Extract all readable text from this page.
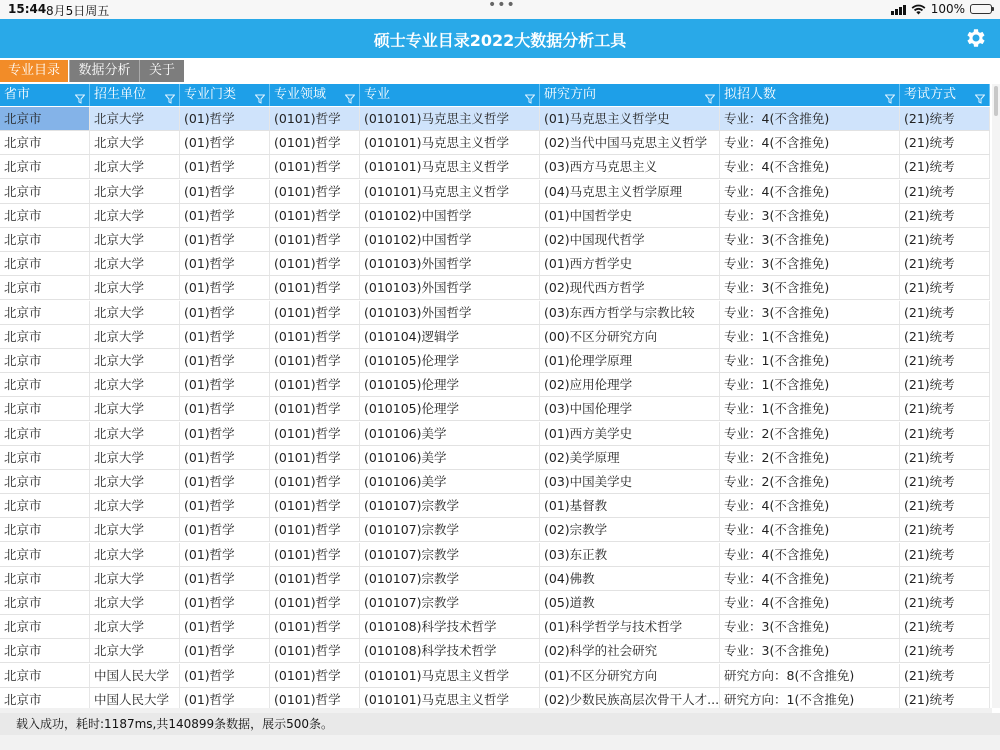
15:44 8月5日周五	•••	100%
硕士专业目录2022大数据分析工具
专业目录	数据分析	关于
省市	招生单位	专业门类	专业领域	专业	研究方向	拟招人数	考试方式
北京市	北京大学	(01)哲学	(0101)哲学	(010101)马克思主义哲学	(01)马克思主义哲学史	专业：4(不含推免)	(21)统考
北京市	北京大学	(01)哲学	(0101)哲学	(010101)马克思主义哲学	(02)当代中国马克思主义哲学	专业：4(不含推免)	(21)统考
北京市	北京大学	(01)哲学	(0101)哲学	(010101)马克思主义哲学	(03)西方马克思主义	专业：4(不含推免)	(21)统考
北京市	北京大学	(01)哲学	(0101)哲学	(010101)马克思主义哲学	(04)马克思主义哲学原理	专业：4(不含推免)	(21)统考
北京市	北京大学	(01)哲学	(0101)哲学	(010102)中国哲学	(01)中国哲学史	专业：3(不含推免)	(21)统考
北京市	北京大学	(01)哲学	(0101)哲学	(010102)中国哲学	(02)中国现代哲学	专业：3(不含推免)	(21)统考
北京市	北京大学	(01)哲学	(0101)哲学	(010103)外国哲学	(01)西方哲学史	专业：3(不含推免)	(21)统考
北京市	北京大学	(01)哲学	(0101)哲学	(010103)外国哲学	(02)现代西方哲学	专业：3(不含推免)	(21)统考
北京市	北京大学	(01)哲学	(0101)哲学	(010103)外国哲学	(03)东西方哲学与宗教比较	专业：3(不含推免)	(21)统考
北京市	北京大学	(01)哲学	(0101)哲学	(010104)逻辑学	(00)不区分研究方向	专业：1(不含推免)	(21)统考
北京市	北京大学	(01)哲学	(0101)哲学	(010105)伦理学	(01)伦理学原理	专业：1(不含推免)	(21)统考
北京市	北京大学	(01)哲学	(0101)哲学	(010105)伦理学	(02)应用伦理学	专业：1(不含推免)	(21)统考
北京市	北京大学	(01)哲学	(0101)哲学	(010105)伦理学	(03)中国伦理学	专业：1(不含推免)	(21)统考
北京市	北京大学	(01)哲学	(0101)哲学	(010106)美学	(01)西方美学史	专业：2(不含推免)	(21)统考
北京市	北京大学	(01)哲学	(0101)哲学	(010106)美学	(02)美学原理	专业：2(不含推免)	(21)统考
北京市	北京大学	(01)哲学	(0101)哲学	(010106)美学	(03)中国美学史	专业：2(不含推免)	(21)统考
北京市	北京大学	(01)哲学	(0101)哲学	(010107)宗教学	(01)基督教	专业：4(不含推免)	(21)统考
北京市	北京大学	(01)哲学	(0101)哲学	(010107)宗教学	(02)宗教学	专业：4(不含推免)	(21)统考
北京市	北京大学	(01)哲学	(0101)哲学	(010107)宗教学	(03)东正教	专业：4(不含推免)	(21)统考
北京市	北京大学	(01)哲学	(0101)哲学	(010107)宗教学	(04)佛教	专业：4(不含推免)	(21)统考
北京市	北京大学	(01)哲学	(0101)哲学	(010107)宗教学	(05)道教	专业：4(不含推免)	(21)统考
北京市	北京大学	(01)哲学	(0101)哲学	(010108)科学技术哲学	(01)科学哲学与技术哲学	专业：3(不含推免)	(21)统考
北京市	北京大学	(01)哲学	(0101)哲学	(010108)科学技术哲学	(02)科学的社会研究	专业：3(不含推免)	(21)统考
北京市	中国人民大学	(01)哲学	(0101)哲学	(010101)马克思主义哲学	(01)不区分研究方向	研究方向：8(不含推免)	(21)统考
北京市	中国人民大学	(01)哲学	(0101)哲学	(010101)马克思主义哲学	(02)少数民族高层次骨干人才... 研究方向：1(不含推免)	(21)统考
载入成功，耗时:1187ms,共140899条数据，展示500条。
